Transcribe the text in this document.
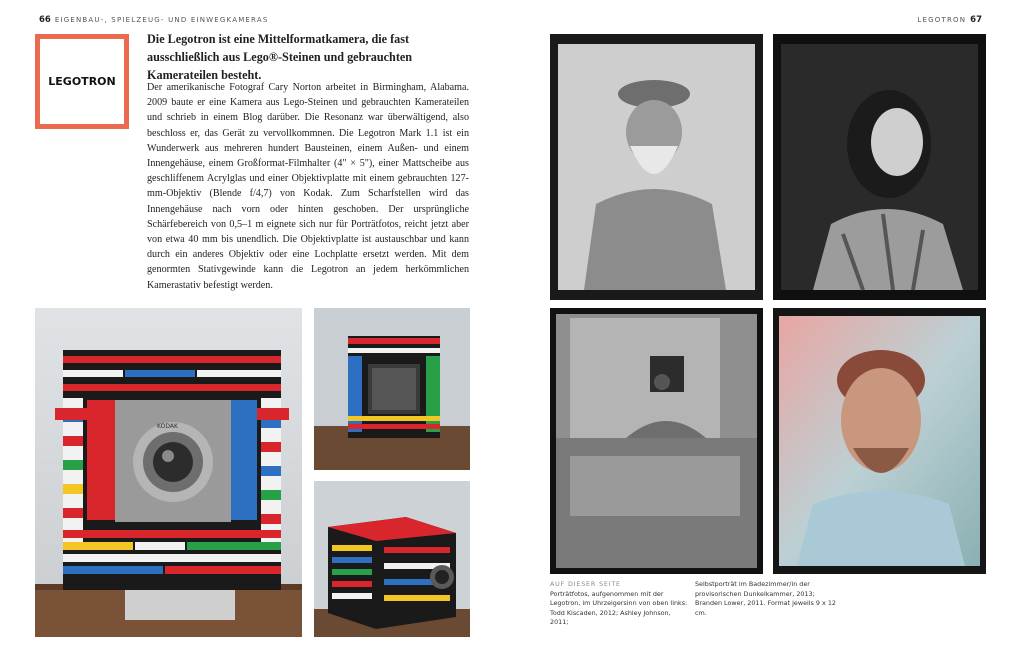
66 EIGENBAU-, SPIELZEUG- UND EINWEGKAMERAS	LEGOTRON 67
LEGOTRON

Die Legotron ist eine Mittelformatkamera, die fast ausschließlich aus Lego®-Steinen und gebrauchten Kamerateilen besteht.

Der amerikanische Fotograf Cary Norton arbeitet in Birmingham, Alabama. 2009 baute er eine Kamera aus Lego-Steinen und gebrauchten Kamerateilen und schrieb in einem Blog darüber. Die Resonanz war überwältigend, also beschloss er, das Gerät zu vervollkommnen. Die Legotron Mark 1.1 ist ein Wunderwerk aus mehreren hundert Bausteinen, einem Außen- und einem Innengehäuse, einem Großformat-Filmhalter (4" × 5"), einer Mattscheibe aus geschliffenem Acrylglas und einer Objektivplatte mit einem gebrauchten 127-mm-Objektiv (Blende f/4,7) von Kodak. Zum Scharfstellen wird das Innengehäuse nach vorn oder hinten geschoben. Der ursprüngliche Schärfebereich von 0,5–1 m eignete sich nur für Porträtfotos, reicht jetzt aber von etwa 40 mm bis unendlich. Die Objektivplatte ist austauschbar und kann durch ein anderes Objektiv oder eine Lochplatte ersetzt werden. Mit dem genormten Stativgewinde kann die Legotron an jedem herkömmlichen Kamerastativ befestigt werden.

KODAK
AUF DIESER SEITE
Porträtfotos, aufgenommen mit der Legotron, im Uhrzeigersinn von oben links: Todd Kiscaden, 2012; Ashley Johnson, 2011;
Selbstporträt im Badezimmer/in der provisorischen Dunkelkammer, 2013; Branden Lower, 2011. Format jeweils 9 x 12 cm.
